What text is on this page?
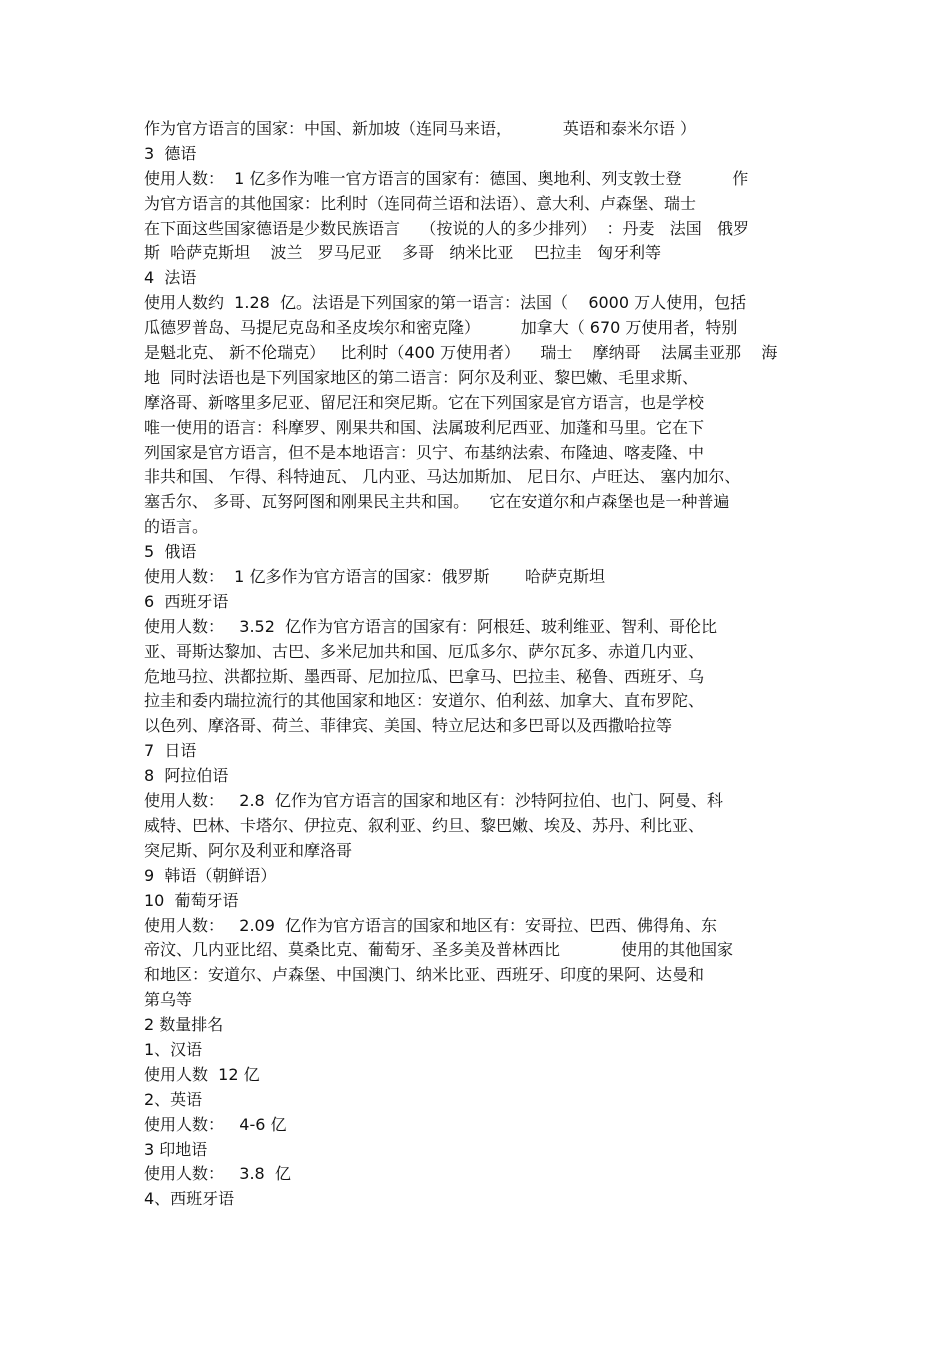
作为官方语言的国家：中国、新加坡（连同马来语，          英语和泰米尔语 ）
3  德语
使用人数：  1 亿多作为唯一官方语言的国家有：德国、奥地利、列支敦士登          作
为官方语言的其他国家：比利时（连同荷兰语和法语）、意大利、卢森堡、瑞士
在下面这些国家德语是少数民族语言    （按说的人的多少排列）  ：丹麦   法国   俄罗
斯  哈萨克斯坦    波兰   罗马尼亚    多哥   纳米比亚    巴拉圭   匈牙利等
4  法语
使用人数约  1.28  亿。法语是下列国家的第一语言：法国（    6000 万人使用，包括
瓜德罗普岛、马提尼克岛和圣皮埃尔和密克隆）        加拿大（ 670 万使用者，特别
是魁北克、 新不伦瑞克）   比利时（400 万使用者）    瑞士    摩纳哥    法属圭亚那    海
地  同时法语也是下列国家地区的第二语言：阿尔及利亚、黎巴嫩、毛里求斯、
摩洛哥、新喀里多尼亚、留尼汪和突尼斯。它在下列国家是官方语言，也是学校
唯一使用的语言：科摩罗、刚果共和国、法属玻利尼西亚、加蓬和马里。它在下
列国家是官方语言，但不是本地语言：贝宁、布基纳法索、布隆迪、喀麦隆、中
非共和国、 乍得、科特迪瓦、 几内亚、马达加斯加、 尼日尔、卢旺达、 塞内加尔、
塞舌尔、 多哥、瓦努阿图和刚果民主共和国。    它在安道尔和卢森堡也是一种普遍
的语言。
5  俄语
使用人数：  1 亿多作为官方语言的国家：俄罗斯       哈萨克斯坦
6  西班牙语
使用人数：   3.52  亿作为官方语言的国家有：阿根廷、玻利维亚、智利、哥伦比
亚、哥斯达黎加、古巴、多米尼加共和国、厄瓜多尔、萨尔瓦多、赤道几内亚、
危地马拉、洪都拉斯、墨西哥、尼加拉瓜、巴拿马、巴拉圭、秘鲁、西班牙、乌
拉圭和委内瑞拉流行的其他国家和地区：安道尔、伯利兹、加拿大、直布罗陀、
以色列、摩洛哥、荷兰、菲律宾、美国、特立尼达和多巴哥以及西撒哈拉等
7  日语
8  阿拉伯语
使用人数：   2.8  亿作为官方语言的国家和地区有：沙特阿拉伯、也门、阿曼、科
威特、巴林、卡塔尔、伊拉克、叙利亚、约旦、黎巴嫩、埃及、苏丹、利比亚、
突尼斯、阿尔及利亚和摩洛哥
9  韩语（朝鲜语）
10  葡萄牙语
使用人数：   2.09  亿作为官方语言的国家和地区有：安哥拉、巴西、佛得角、东
帝汶、几内亚比绍、莫桑比克、葡萄牙、圣多美及普林西比            使用的其他国家
和地区：安道尔、卢森堡、中国澳门、纳米比亚、西班牙、印度的果阿、达曼和
第乌等
2 数量排名
1、汉语
使用人数  12 亿
2、英语
使用人数：   4-6 亿
3 印地语
使用人数：   3.8  亿
4、西班牙语
